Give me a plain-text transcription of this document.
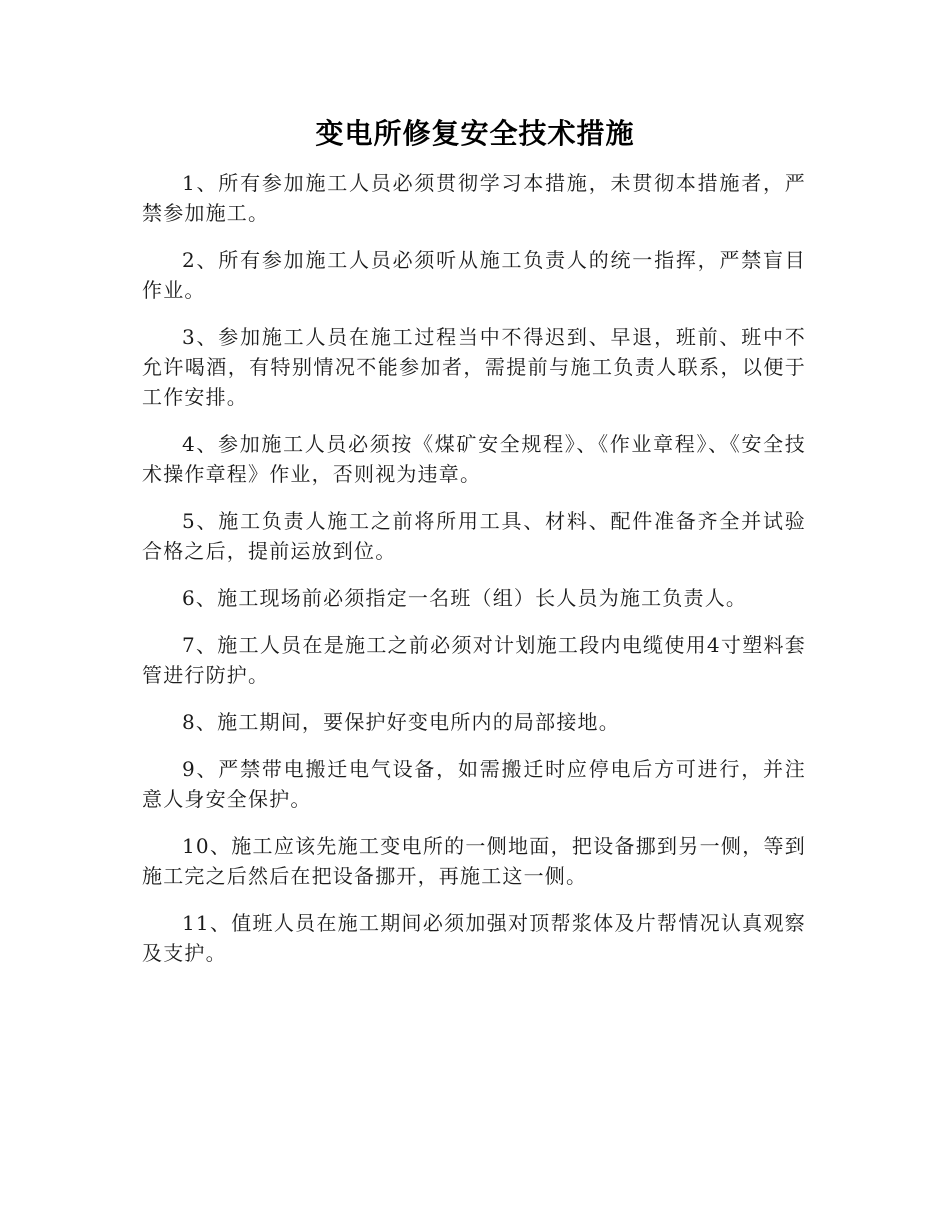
变电所修复安全技术措施

1、所有参加施工人员必须贯彻学习本措施，未贯彻本措施者，严禁参加施工。

2、所有参加施工人员必须听从施工负责人的统一指挥，严禁盲目作业。

3、参加施工人员在施工过程当中不得迟到、早退，班前、班中不允许喝酒，有特别情况不能参加者，需提前与施工负责人联系，以便于工作安排。

4、参加施工人员必须按《煤矿安全规程》、《作业章程》、《安全技术操作章程》作业，否则视为违章。

5、施工负责人施工之前将所用工具、材料、配件准备齐全并试验合格之后，提前运放到位。

6、施工现场前必须指定一名班（组）长人员为施工负责人。

7、施工人员在是施工之前必须对计划施工段内电缆使用4寸塑料套管进行防护。

8、施工期间，要保护好变电所内的局部接地。

9、严禁带电搬迁电气设备，如需搬迁时应停电后方可进行，并注意人身安全保护。

10、施工应该先施工变电所的一侧地面，把设备挪到另一侧，等到施工完之后然后在把设备挪开，再施工这一侧。

11、值班人员在施工期间必须加强对顶帮浆体及片帮情况认真观察及支护。
